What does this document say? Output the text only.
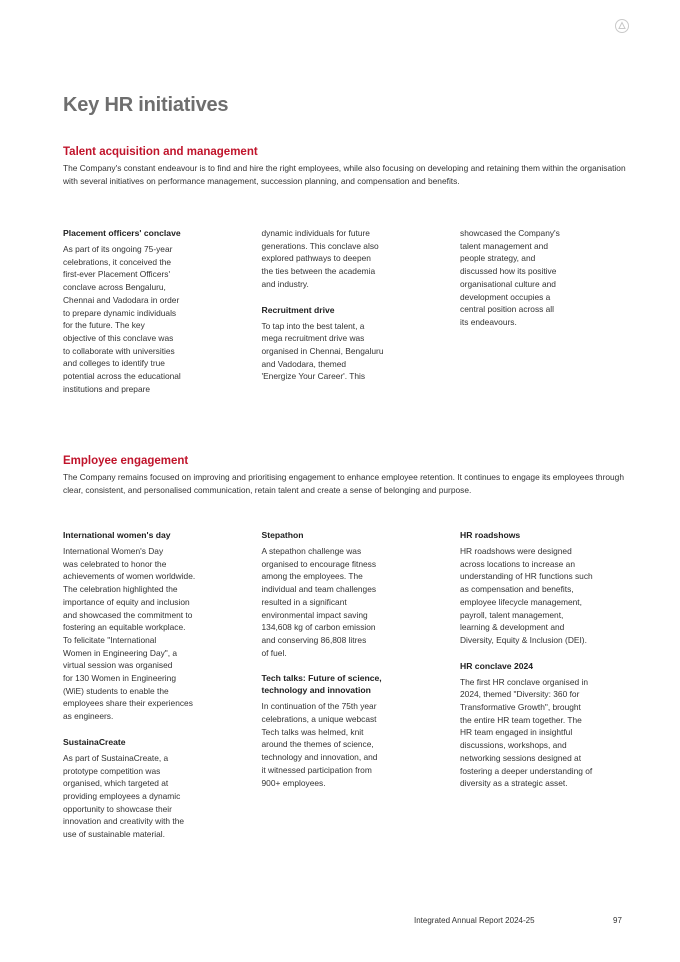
Key HR initiatives
Talent acquisition and management
The Company's constant endeavour is to find and hire the right employees, while also focusing on developing and retaining them within the organisation with several initiatives on performance management, succession planning, and compensation and benefits.
Placement officers' conclave
As part of its ongoing 75-year
celebrations, it conceived the
first-ever Placement Officers'
conclave across Bengaluru,
Chennai and Vadodara in order
to prepare dynamic individuals
for the future. The key
objective of this conclave was
to collaborate with universities
and colleges to identify true
potential across the educational
institutions and prepare
dynamic individuals for future
generations. This conclave also
explored pathways to deepen
the ties between the academia
and industry.
Recruitment drive
To tap into the best talent, a
mega recruitment drive was
organised in Chennai, Bengaluru
and Vadodara, themed
'Energize Your Career'. This
showcased the Company's
talent management and
people strategy, and
discussed how its positive
organisational culture and
development occupies a
central position across all
its endeavours.
Employee engagement
The Company remains focused on improving and prioritising engagement to enhance employee retention. It continues to engage its employees through clear, consistent, and personalised communication, retain talent and create a sense of belonging and purpose.
International women's day
International Women's Day
was celebrated to honor the
achievements of women worldwide.
The celebration highlighted the
importance of equity and inclusion
and showcased the commitment to
fostering an equitable workplace.
To felicitate "International
Women in Engineering Day", a
virtual session was organised
for 130 Women in Engineering
(WiE) students to enable the
employees share their experiences
as engineers.
SustainaCreate
As part of SustainaCreate, a
prototype competition was
organised, which targeted at
providing employees a dynamic
opportunity to showcase their
innovation and creativity with the
use of sustainable material.
Stepathon
A stepathon challenge was
organised to encourage fitness
among the employees. The
individual and team challenges
resulted in a significant
environmental impact saving
134,608 kg of carbon emission
and conserving 86,808 litres
of fuel.
Tech talks: Future of science,
technology and innovation
In continuation of the 75th year
celebrations, a unique webcast
Tech talks was helmed, knit
around the themes of science,
technology and innovation, and
it witnessed participation from
900+ employees.
HR roadshows
HR roadshows were designed
across locations to increase an
understanding of HR functions such
as compensation and benefits,
employee lifecycle management,
payroll, talent management,
learning & development and
Diversity, Equity & Inclusion (DEI).
HR conclave 2024
The first HR conclave organised in
2024, themed "Diversity: 360 for
Transformative Growth", brought
the entire HR team together. The
HR team engaged in insightful
discussions, workshops, and
networking sessions designed at
fostering a deeper understanding of
diversity as a strategic asset.
Integrated Annual Report 2024-25	97
